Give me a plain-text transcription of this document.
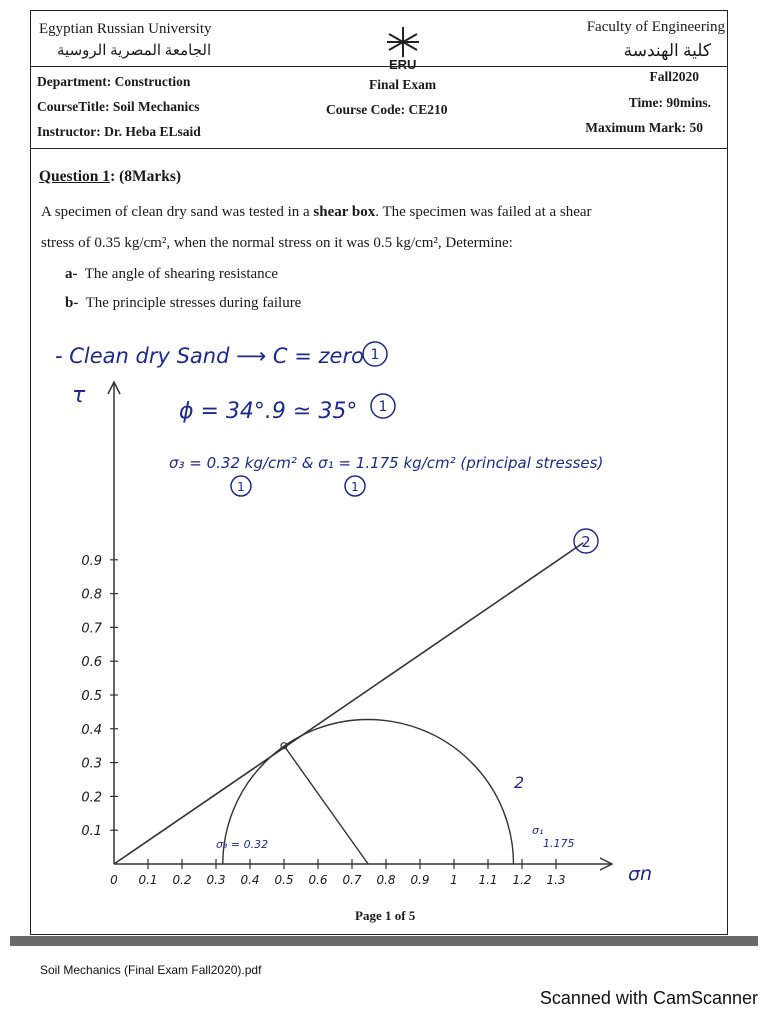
Egyptian Russian University
الجامعة المصرية الروسية
ERU
Faculty of Engineering
كلية الهندسة
Department: Construction
CourseTitle: Soil Mechanics
Instructor: Dr. Heba ELsaid
Final Exam
Course Code: CE210
Fall2020
Time: 90mins.
Maximum Mark: 50
Question 1: (8Marks)
A specimen of clean dry sand was tested in a shear box. The specimen was failed at a shear
stress of 0.35 kg/cm², when the normal stress on it was 0.5 kg/cm², Determine:
a- The angle of shearing resistance
b- The principle stresses during failure
- Clean dry Sand ⟶ C = zero 1
ϕ = 34°.9 ≃ 35° 1
σ₃ = 0.32 kg/cm² & σ₁ = 1.175 kg/cm² (principal stresses)
1	1
Page 1 of 5
0 0.1 0.2 0.3 0.4 0.5 0.6 0.7 0.8 0.9 1 1.1 1.2 1.3
0.1
0.2
0.3
0.4
0.5
0.6
0.7
0.8
0.9
τ
σn
σ₃ = 0.32
σ₁
1.175
2
2
Soil Mechanics (Final Exam Fall2020).pdf
Scanned with CamScanner
